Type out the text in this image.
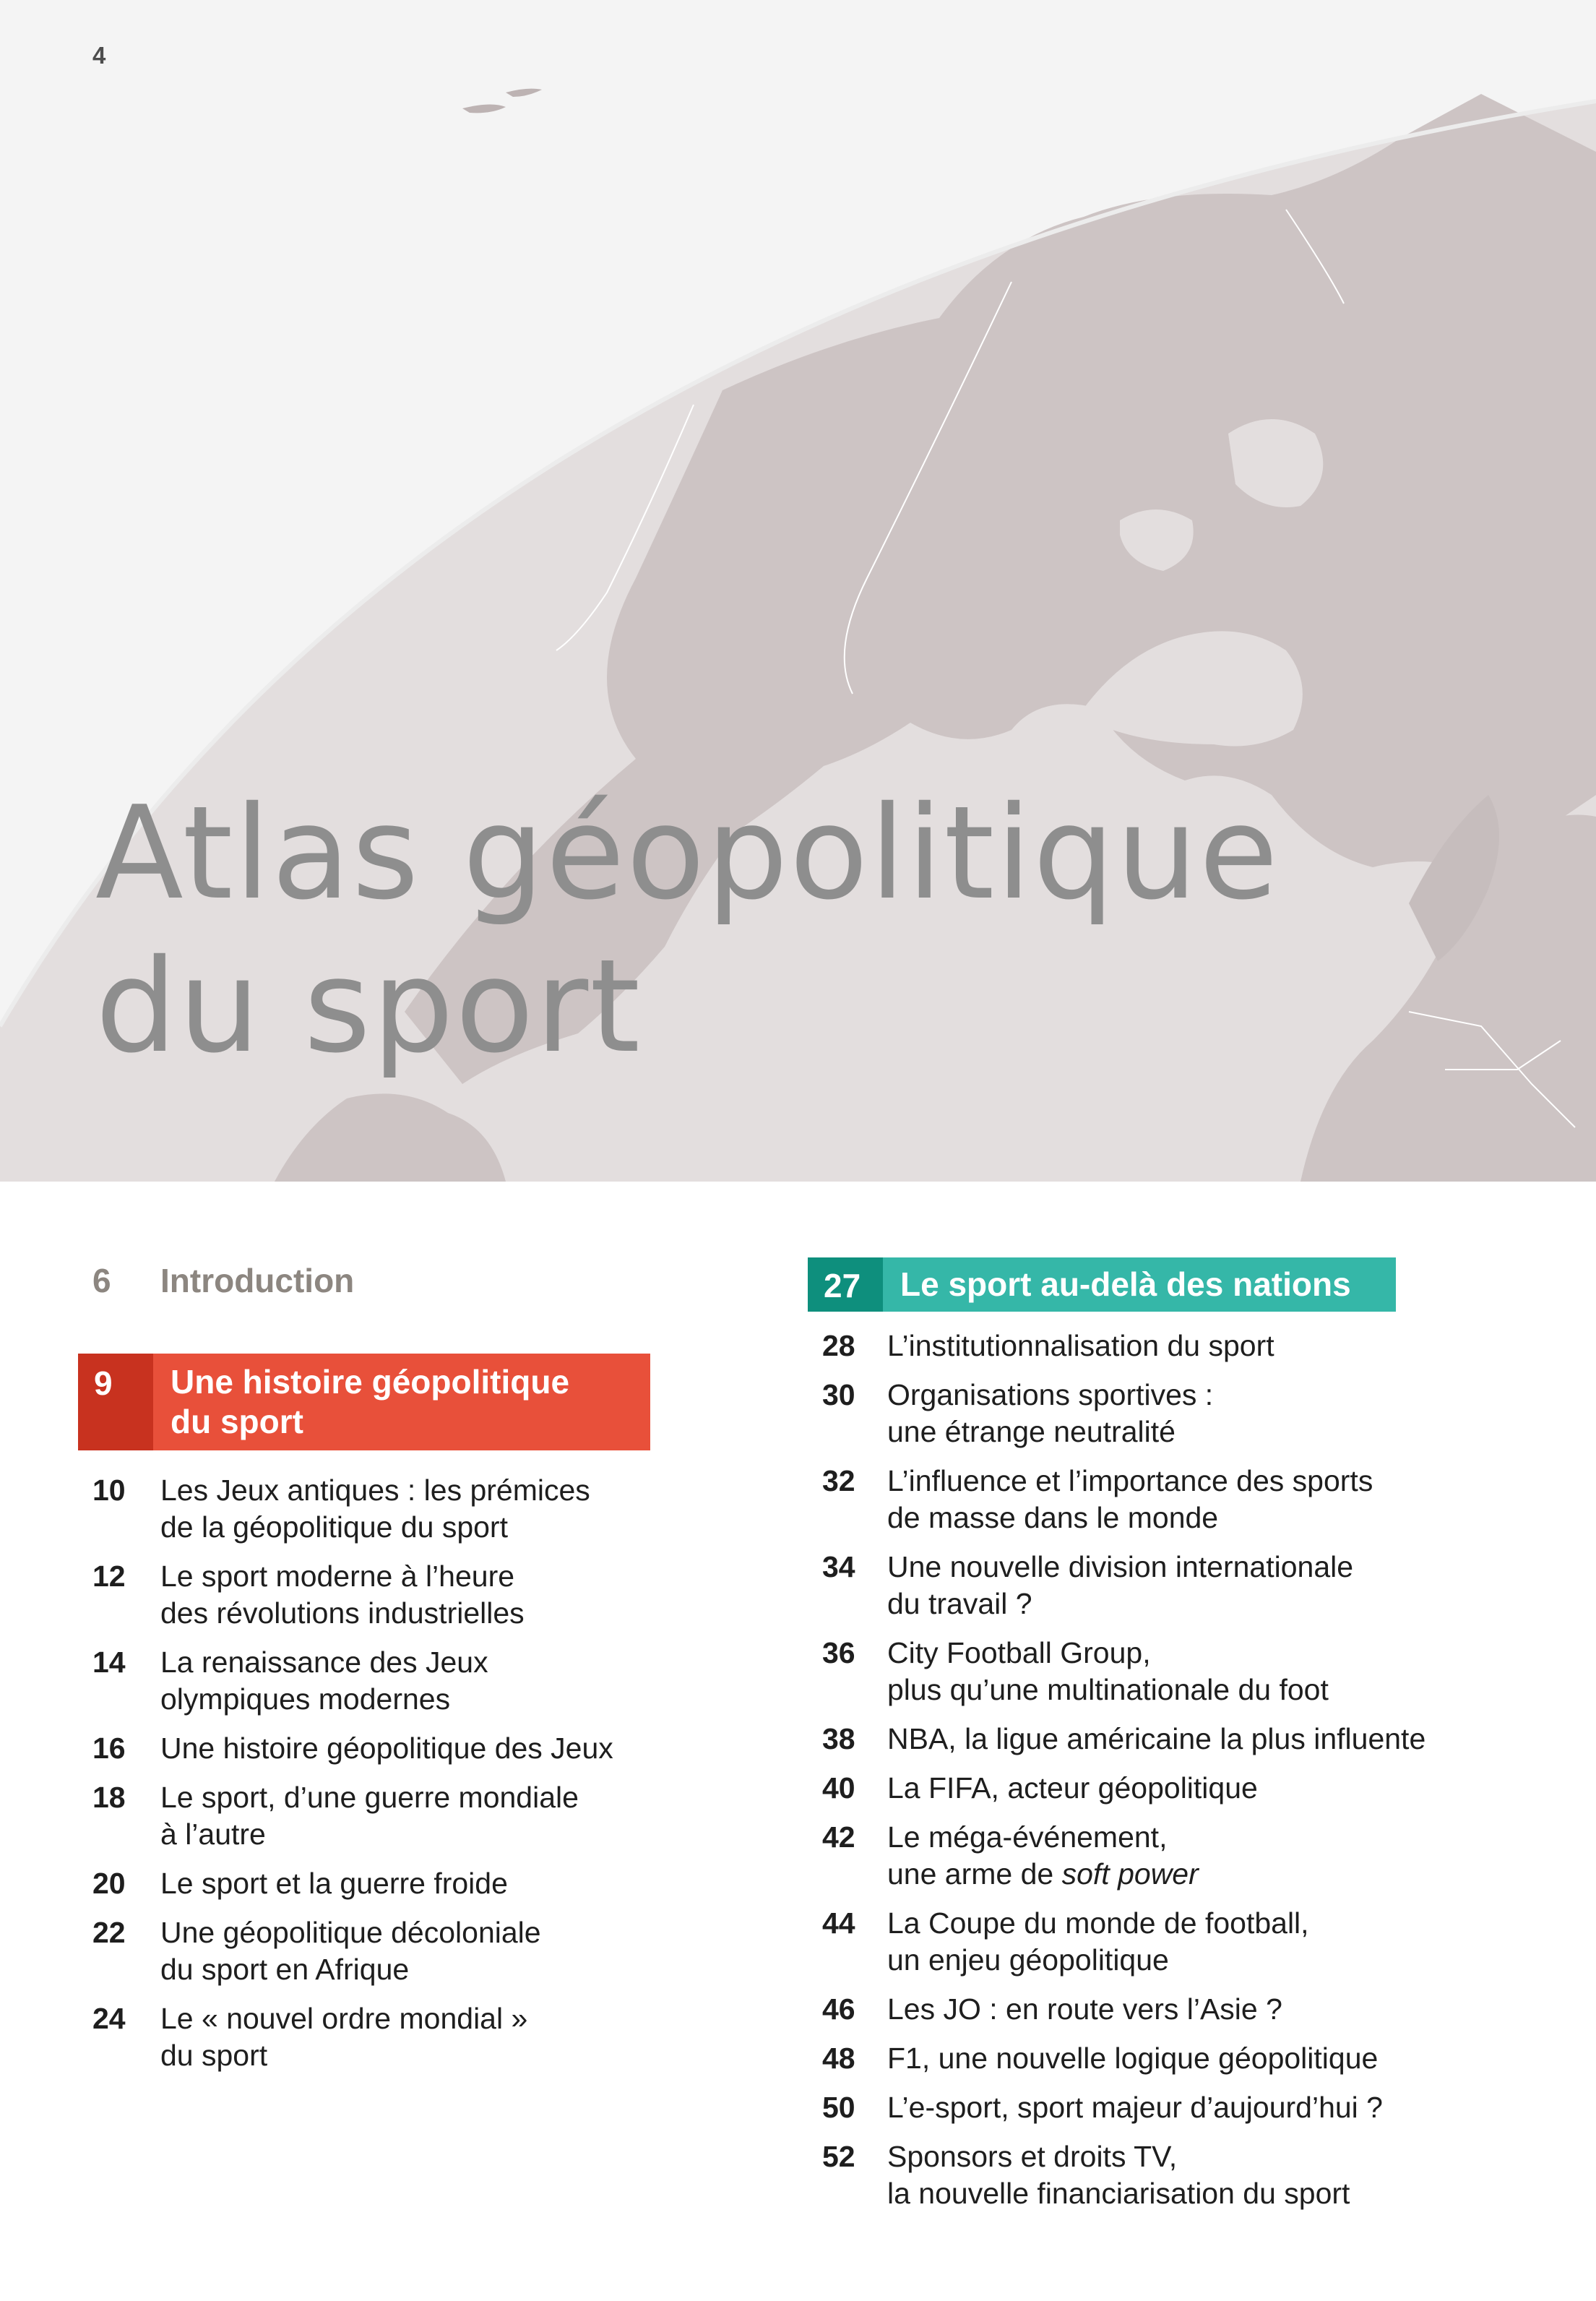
4
Atlas géopolitique
du sport
6	Introduction
9	Une histoire géopolitique
du sport
10	Les Jeux antiques : les prémices
de la géopolitique du sport
12	Le sport moderne à l’heure
des révolutions industrielles
14	La renaissance des Jeux
olympiques modernes
16	Une histoire géopolitique des Jeux
18	Le sport, d’une guerre mondiale
à l’autre
20	Le sport et la guerre froide
22	Une géopolitique décoloniale
du sport en Afrique
24	Le « nouvel ordre mondial »
du sport
27	Le sport au-delà des nations
28	L’institutionnalisation du sport
30	Organisations sportives :
une étrange neutralité
32	L’influence et l’importance des sports
de masse dans le monde
34	Une nouvelle division internationale
du travail ?
36	City Football Group,
plus qu’une multinationale du foot
38	NBA, la ligue américaine la plus influente
40	La FIFA, acteur géopolitique
42	Le méga-événement,
une arme de soft power
44	La Coupe du monde de football,
un enjeu géopolitique
46	Les JO : en route vers l’Asie ?
48	F1, une nouvelle logique géopolitique
50	L’e-sport, sport majeur d’aujourd’hui ?
52	Sponsors et droits TV,
la nouvelle financiarisation du sport
